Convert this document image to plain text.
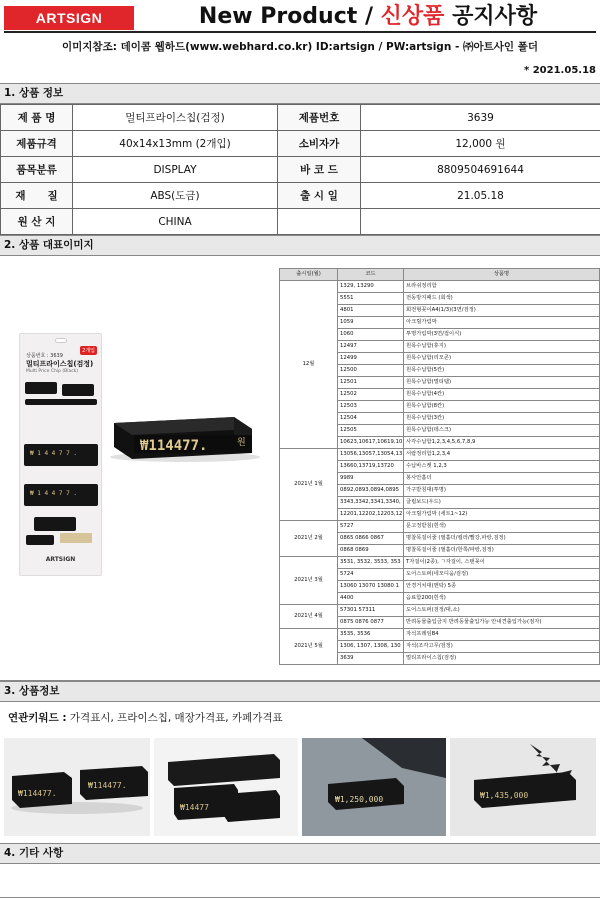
ARTSIGN	New Product / 신상품 공지사항
이미지참조: 데이콤 웹하드(www.webhard.co.kr) ID:artsign / PW:artsign - ㈜아트사인 폴더
* 2021.05.18
1. 상품 정보
제 품 명	멀티프라이스칩(검정)	제품번호	3639
제품규격	40x14x13mm (2개입)	소비자가	12,000 원
품목분류	DISPLAY	바 코 드	8809504691644
재      질	ABS(도금)	출 시 일	21.05.18
원 산 지	CHINA		
2. 상품 대표이미지
2개입
상품번호 : 3639
멀티프라이스칩(검정)
Multi Price Chip (Black)
₩ 1 4 4 7 7 .
₩ 1 4 4 7 7 .
ARTSIGN
₩114477.	원
출시일(월)	코드	상품명
12월	1329, 13290	브라쉬정리함
	5551	전동방지패드 (회색)
	4801	회전형꽂이A4(1/3)(3면/검정)
	1059	아크릴가림막
	1060	투명가림막(3면/접이식)
	12497	원목수납함(휴지)
	12499	원목수납함(리모콘)
	12500	원목수납함(5칸)
	12501	원목수납함(멀티탭)
	12502	원목수납함(4칸)
	12503	원목수납함(8칸)
	12504	원목수납함(3칸)
	12505	원목수납함(데스크)
	10623,10617,10619,10	사각수납함1,2,3,4,5,6,7,8,9
2021년 1월	13056,13057,13054,13	서랍정리함1,2,3,4
	13660,13719,13720	수납바스켓 1,2,3
	9989	봉사안홀더
	0892,0893,0894,0895	가구받침대(투명)
	3343,3342,3341,3340,	클립보드(우드)
	12201,12202,12203,12	아크릴가림막 (세트1~12)
2021년 2월	5727	문고정받침(흰색)
	0865 0866 0867	명찰목걸이줄 (필홀더/컬러/빨강,파랑,검정)
	0868 0869	명찰목걸이줄 (필홀더/한쪽/파랑,검정)
2021년 3월	3531, 3532, 3533, 353	T자걸이(2종), ㄱ자걸이, 스탠꽂이
	5724	도어스토퍼(네모디움/검정)
	13060 13070 13080 1	안경거치대(멘탁) 5종
	4400	음료함200(흰색)
2021년 4월	57301 57311	도어스토퍼(검정/대,소)
	0875 0876 0877	반려동물출입금지 반려동물출입가능 안내견출입가능(점자)
2021년 5월	3535, 3536	자석프레임B4
	1306, 1307, 1308, 130	자석(조각고무/검정)
	3639	멀티프라이스칩(검정)
3. 상품정보
연관키워드 : 가격표시, 프라이스칩, 매장가격표, 카페가격표
₩114477.
₩114477.
₩14477
₩1,250,000	₩1,435,000
4. 기타 사항
